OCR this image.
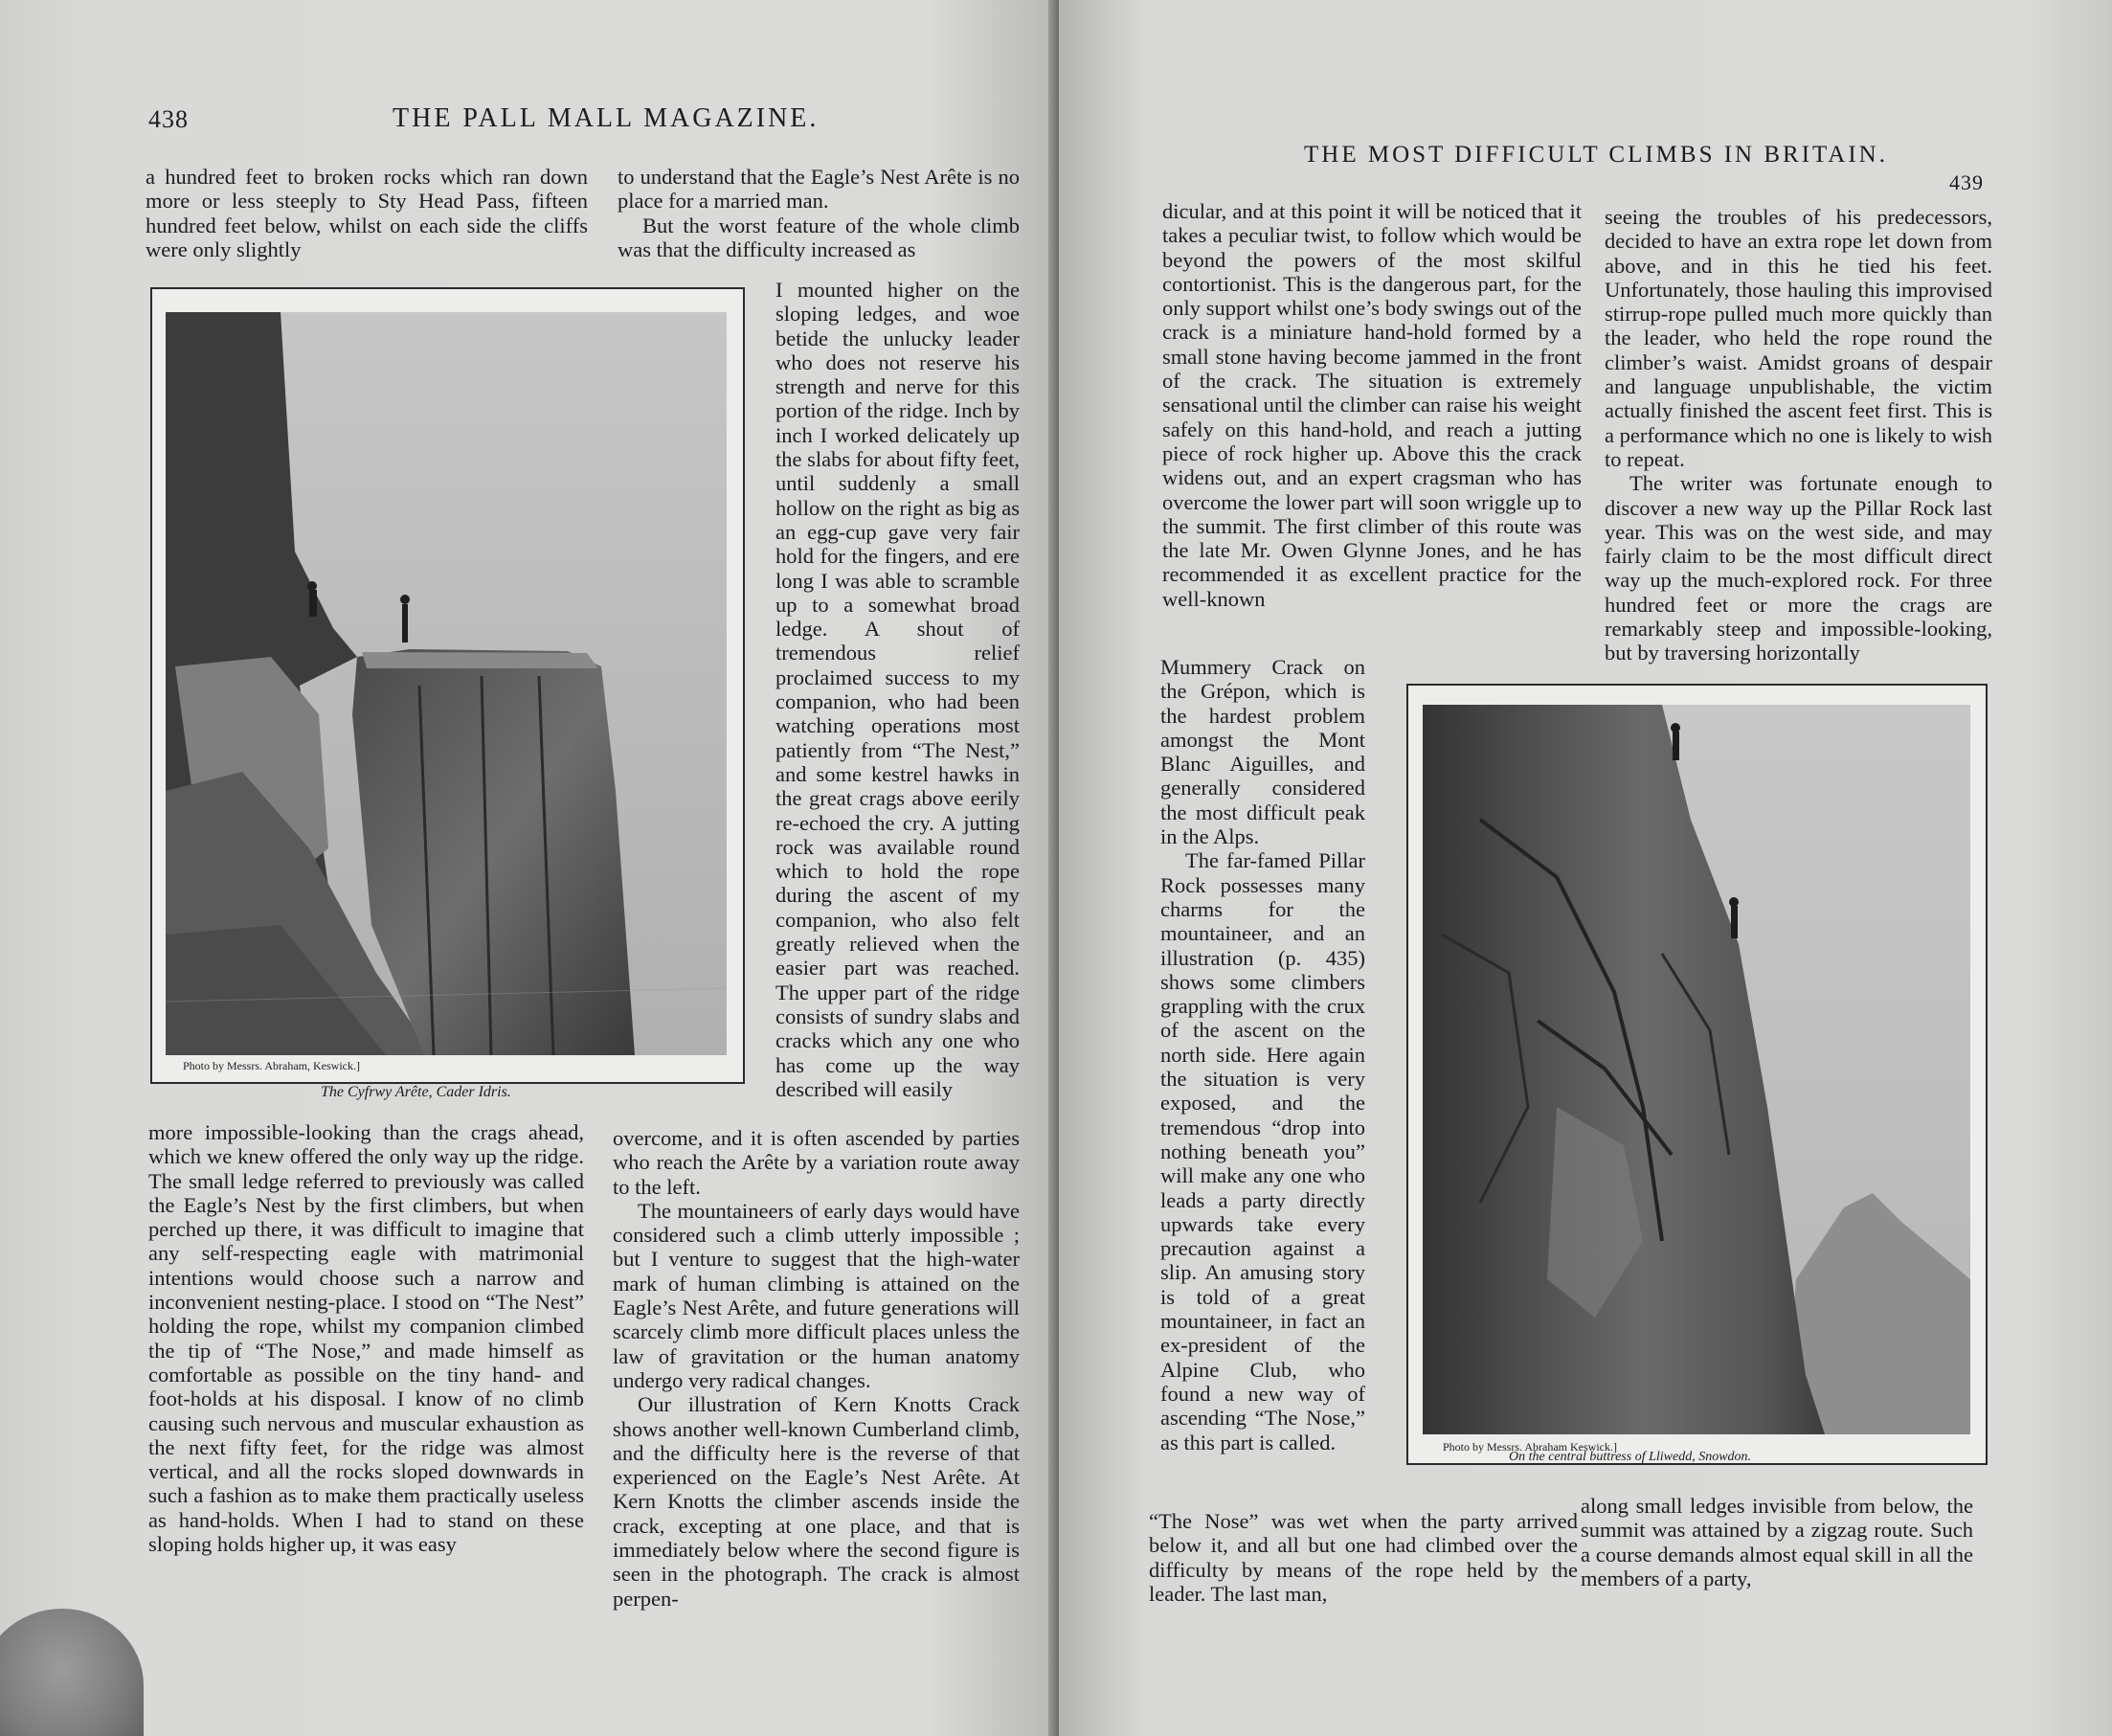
438	THE PALL MALL MAGAZINE.

a hundred feet to broken rocks which ran down more or less steeply to Sty Head Pass, fifteen hundred feet below, whilst on each side the cliffs were only slightly

to understand that the Eagle’s Nest Arête is no place for a married man.

But the worst feature of the whole climb was that the difficulty increased as

Photo by Messrs. Abraham, Keswick.]
The Cyfrwy Arête, Cader Idris.

I mounted higher on the sloping ledges, and woe betide the unlucky leader who does not reserve his strength and nerve for this portion of the ridge. Inch by inch I worked delicately up the slabs for about fifty feet, until suddenly a small hollow on the right as big as an egg-cup gave very fair hold for the fingers, and ere long I was able to scramble up to a somewhat broad ledge. A shout of tremendous relief proclaimed success to my companion, who had been watching operations most patiently from “The Nest,” and some kestrel hawks in the great crags above eerily re-echoed the cry. A jutting rock was available round which to hold the rope during the ascent of my companion, who also felt greatly relieved when the easier part was reached. The upper part of the ridge consists of sundry slabs and cracks which any one who has come up the way described will easily

more impossible-looking than the crags ahead, which we knew offered the only way up the ridge. The small ledge referred to previously was called the Eagle’s Nest by the first climbers, but when perched up there, it was difficult to imagine that any self-respecting eagle with matrimonial intentions would choose such a narrow and inconvenient nesting-place. I stood on “The Nest” holding the rope, whilst my companion climbed the tip of “The Nose,” and made himself as comfortable as possible on the tiny hand- and foot-holds at his disposal. I know of no climb causing such nervous and muscular exhaustion as the next fifty feet, for the ridge was almost vertical, and all the rocks sloped downwards in such a fashion as to make them practically useless as hand-holds. When I had to stand on these sloping holds higher up, it was easy

overcome, and it is often ascended by parties who reach the Arête by a variation route away to the left.

The mountaineers of early days would have considered such a climb utterly impossible ; but I venture to suggest that the high-water mark of human climbing is attained on the Eagle’s Nest Arête, and future generations will scarcely climb more difficult places unless the law of gravitation or the human anatomy undergo very radical changes.

Our illustration of Kern Knotts Crack shows another well-known Cumberland climb, and the difficulty here is the reverse of that experienced on the Eagle’s Nest Arête. At Kern Knotts the climber ascends inside the crack, excepting at one place, and that is immediately below where the second figure is seen in the photograph. The crack is almost perpen-

THE MOST DIFFICULT CLIMBS IN BRITAIN.
439

dicular, and at this point it will be noticed that it takes a peculiar twist, to follow which would be beyond the powers of the most skilful contortionist. This is the dangerous part, for the only support whilst one’s body swings out of the crack is a miniature hand-hold formed by a small stone having become jammed in the front of the crack. The situation is extremely sensational until the climber can raise his weight safely on this hand-hold, and reach a jutting piece of rock higher up. Above this the crack widens out, and an expert cragsman who has overcome the lower part will soon wriggle up to the summit. The first climber of this route was the late Mr. Owen Glynne Jones, and he has recommended it as excellent practice for the well-known

seeing the troubles of his predecessors, decided to have an extra rope let down from above, and in this he tied his feet. Unfortunately, those hauling this improvised stirrup-rope pulled much more quickly than the leader, who held the rope round the climber’s waist. Amidst groans of despair and language unpublishable, the victim actually finished the ascent feet first. This is a performance which no one is likely to wish to repeat.

The writer was fortunate enough to discover a new way up the Pillar Rock last year. This was on the west side, and may fairly claim to be the most difficult direct way up the much-explored rock. For three hundred feet or more the crags are remarkably steep and impossible-looking, but by traversing horizontally

Mummery Crack on the Grépon, which is the hardest problem amongst the Mont Blanc Aiguilles, and generally considered the most difficult peak in the Alps.

The far-famed Pillar Rock possesses many charms for the mountaineer, and an illustration (p. 435) shows some climbers grappling with the crux of the ascent on the north side. Here again the situation is very exposed, and the tremendous “drop into nothing beneath you” will make any one who leads a party directly upwards take every precaution against a slip. An amusing story is told of a great mountaineer, in fact an ex-president of the Alpine Club, who found a new way of ascending “The Nose,” as this part is called.	Photo by Messrs. Abraham Keswick.]
On the central buttress of Lliwedd, Snowdon.

“The Nose” was wet when the party arrived below it, and all but one had climbed over the difficulty by means of the rope held by the leader. The last man,

along small ledges invisible from below, the summit was attained by a zigzag route. Such a course demands almost equal skill in all the members of a party,
